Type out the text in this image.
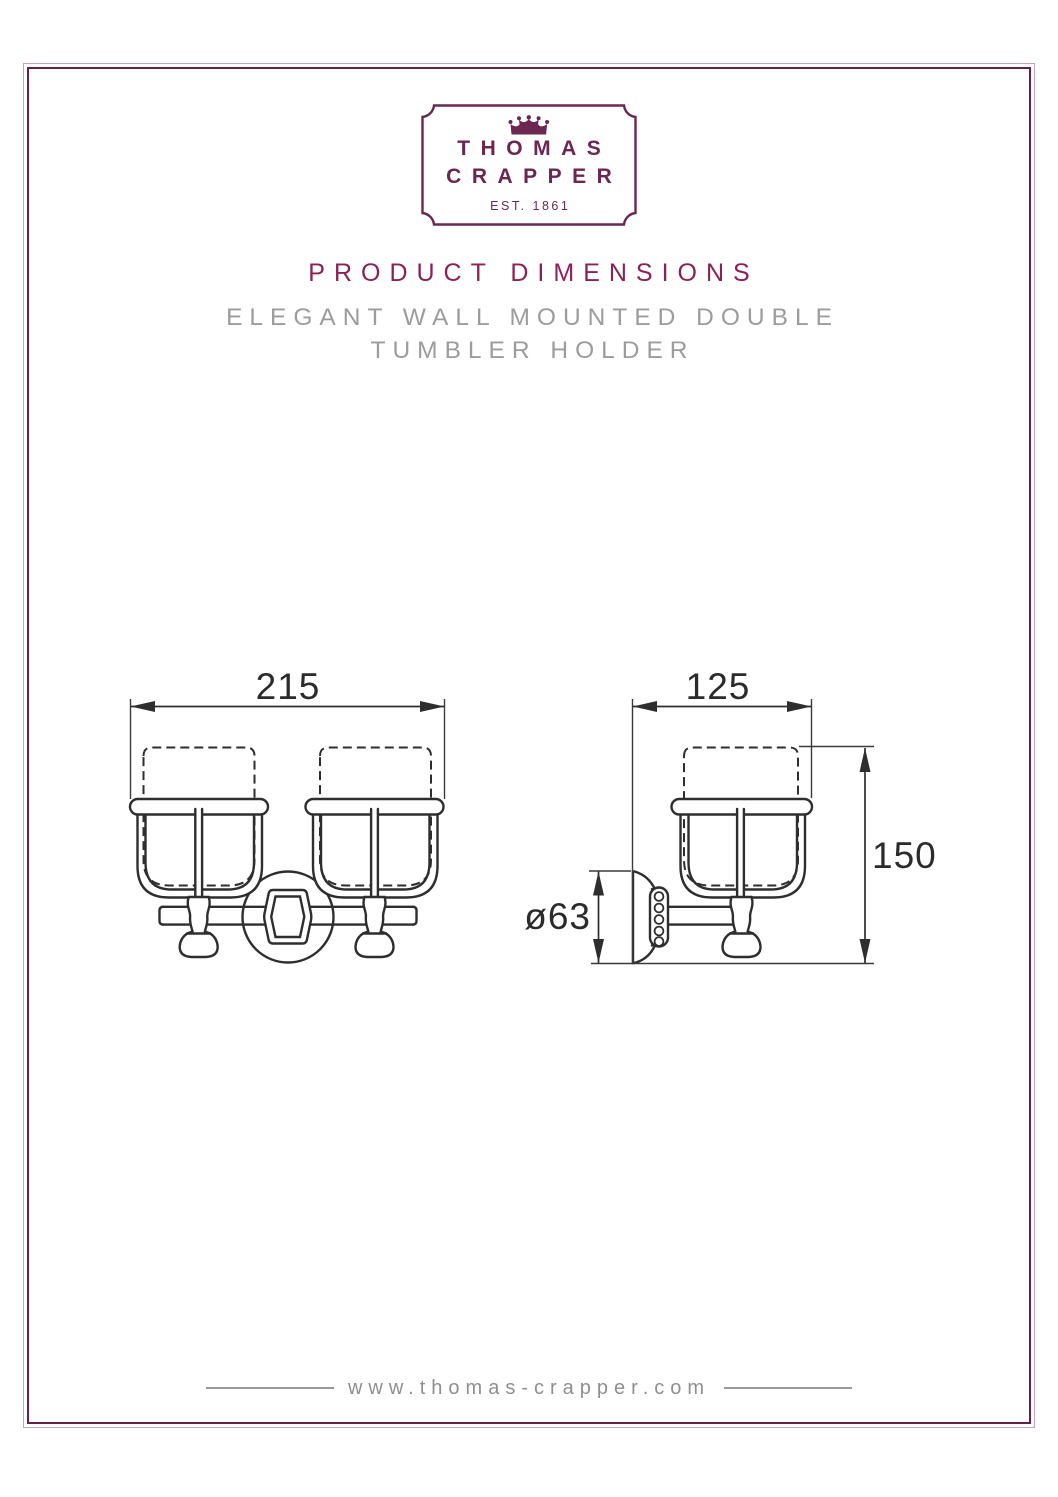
THOMAS
CRAPPER
EST. 1861
PRODUCT DIMENSIONS
ELEGANT WALL MOUNTED DOUBLE
TUMBLER HOLDER
215	125
150
ø63
www.thomas-crapper.com
